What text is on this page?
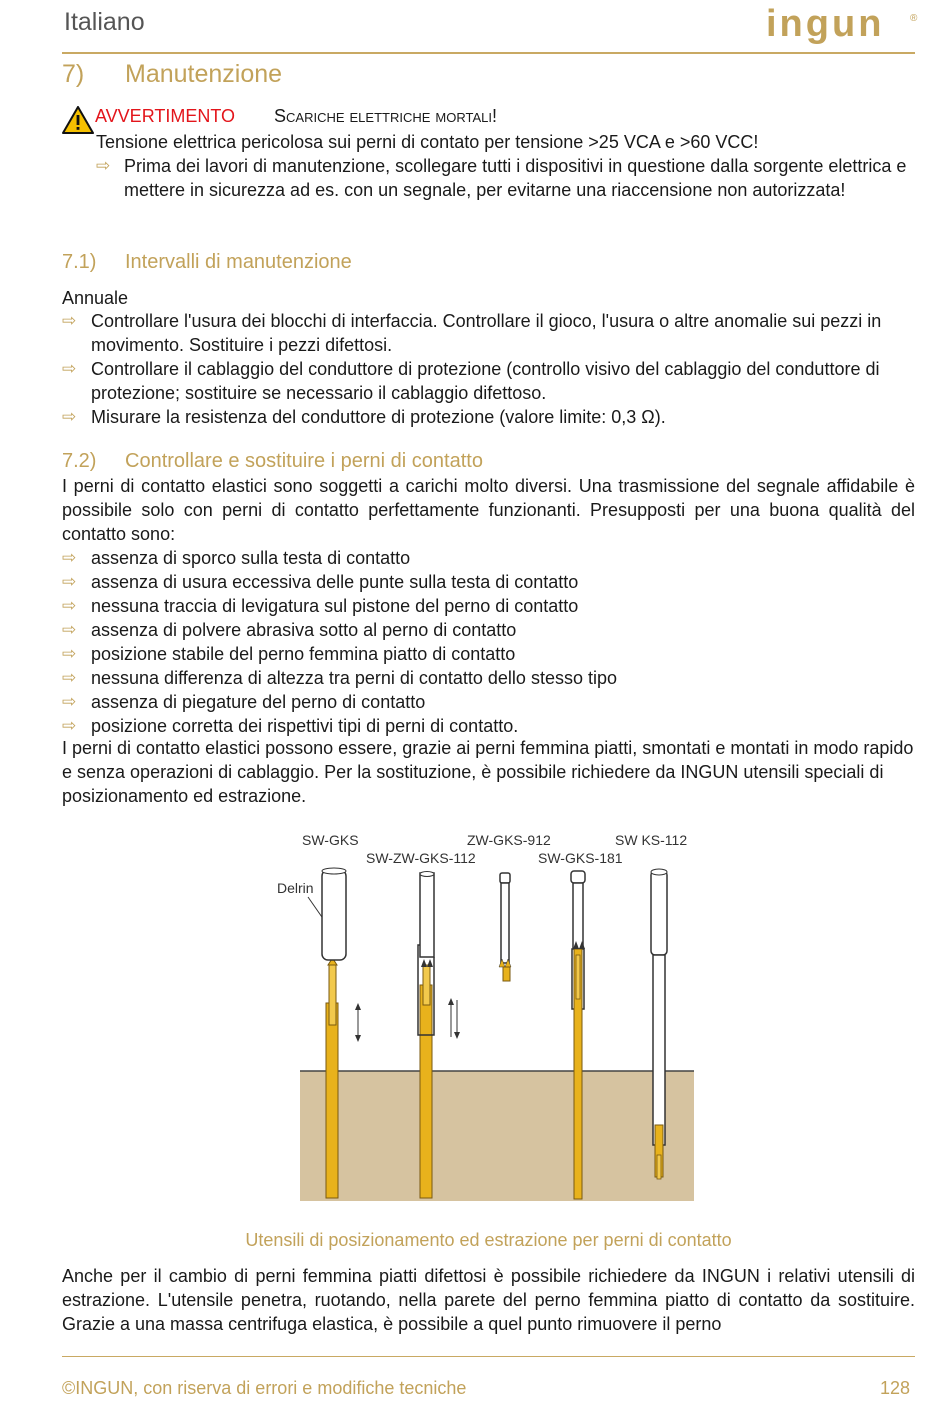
Italiano	ingun	®
7) Manutenzione
AVVERTIMENTO Scariche elettriche mortali!
Tensione elettrica pericolosa sui perni di contato per tensione >25 VCA e >60 VCC!
⇨ Prima dei lavori di manutenzione, scollegare tutti i dispositivi in questione dalla sorgente elettrica e mettere in sicurezza ad es. con un segnale, per evitarne una riaccensione non autorizzata!
7.1) Intervalli di manutenzione
Annuale
⇨ Controllare l'usura dei blocchi di interfaccia. Controllare il gioco, l'usura o altre anomalie sui pezzi in movimento. Sostituire i pezzi difettosi.
⇨ Controllare il cablaggio del conduttore di protezione (controllo visivo del cablaggio del conduttore di protezione; sostituire se necessario il cablaggio difettoso.
⇨ Misurare la resistenza del conduttore di protezione (valore limite: 0,3 Ω).
7.2) Controllare e sostituire i perni di contatto
I perni di contatto elastici sono soggetti a carichi molto diversi. Una trasmissione del segnale affidabile è possibile solo con perni di contatto perfettamente funzionanti. Presupposti per una buona qualità del contatto sono:
⇨ assenza di sporco sulla testa di contatto
⇨ assenza di usura eccessiva delle punte sulla testa di contatto
⇨ nessuna traccia di levigatura sul pistone del perno di contatto
⇨ assenza di polvere abrasiva sotto al perno di contatto
⇨ posizione stabile del perno femmina piatto di contatto
⇨ nessuna differenza di altezza tra perni di contatto dello stesso tipo
⇨ assenza di piegature del perno di contatto
⇨ posizione corretta dei rispettivi tipi di perni di contatto.
I perni di contatto elastici possono essere, grazie ai perni femmina piatti, smontati e montati in modo rapido e senza operazioni di cablaggio. Per la sostituzione, è possibile richiedere da INGUN utensili speciali di posizionamento ed estrazione.
SW-GKS	ZW-GKS-912	SW KS-112
SW-ZW-GKS-112	SW-GKS-181
Delrin
Utensili di posizionamento ed estrazione per perni di contatto
Anche per il cambio di perni femmina piatti difettosi è possibile richiedere da INGUN i relativi utensili di estrazione. L'utensile penetra, ruotando, nella parete del perno femmina piatto di contatto da sostituire. Grazie a una massa centrifuga elastica, è possibile a quel punto rimuovere il perno
©INGUN, con riserva di errori e modifiche tecniche	128
